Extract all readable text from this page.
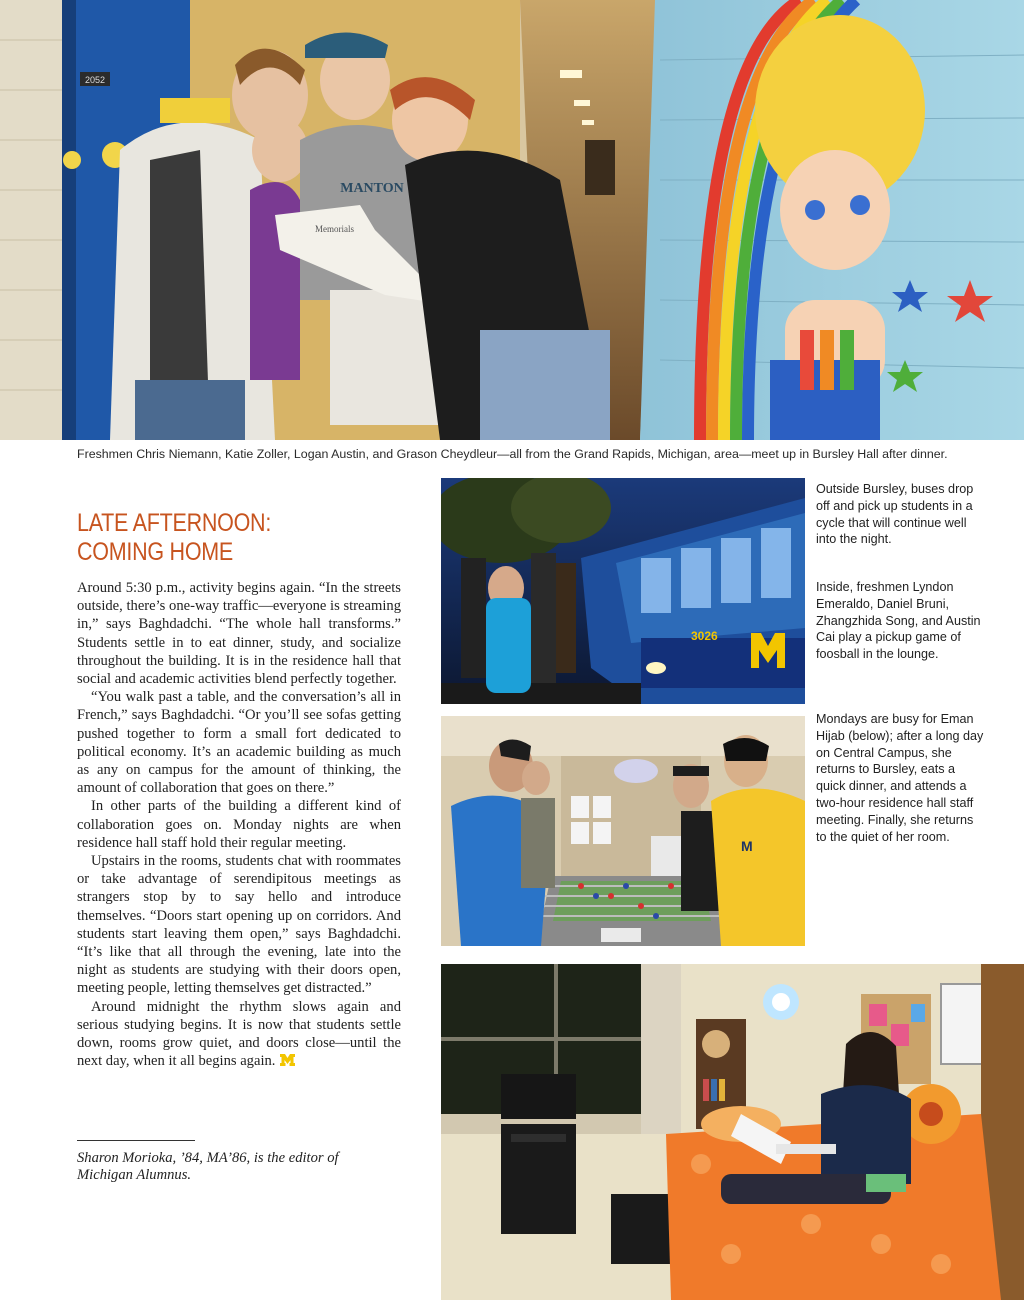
2052
MANTON
Memorials
Freshmen Chris Niemann, Katie Zoller, Logan Austin, and Grason Cheydleur—all from the Grand Rapids, Michigan, area—meet up in Bursley Hall after dinner.
LATE AFTERNOON:
COMING HOME

Around 5:30 p.m., activity begins again. “In the streets outside, there’s one-way traffic—everyone is streaming in,” says Baghdadchi. “The whole hall transforms.” Students settle in to eat dinner, study, and socialize throughout the building. It is in the residence hall that social and academic activities blend perfectly together.

“You walk past a table, and the conversation’s all in French,” says Baghdadchi. “Or you’ll see sofas getting pushed together to form a small fort dedicated to political economy. It’s an academic building as much as any on campus for the amount of thinking, the amount of collaboration that goes on there.”

In other parts of the building a different kind of collaboration goes on. Monday nights are when residence hall staff hold their regular meeting.

Upstairs in the rooms, students chat with roommates or take advantage of serendipitous meetings as strangers stop by to say hello and introduce themselves. “Doors start opening up on corridors. And students start leaving them open,” says Baghdadchi. “It’s like that all through the evening, late into the night as students are studying with their doors open, meeting people, letting themselves get distracted.”

Around midnight the rhythm slows again and serious studying begins. It is now that students settle down, rooms grow quiet, and doors close—until the next day, when it all begins again.

Sharon Morioka, ’84, MA’86, is the editor of Michigan Alumnus.
3026
M
Outside Bursley, buses drop off and pick up students in a cycle that will continue well into the night.
Inside, freshmen Lyndon Emeraldo, Daniel Bruni, Zhangzhida Song, and Austin Cai play a pickup game of foosball in the lounge.
Mondays are busy for Eman Hijab (below); after a long day on Central Campus, she returns to Bursley, eats a quick dinner, and attends a two-hour residence hall staff meeting. Finally, she returns to the quiet of her room.
